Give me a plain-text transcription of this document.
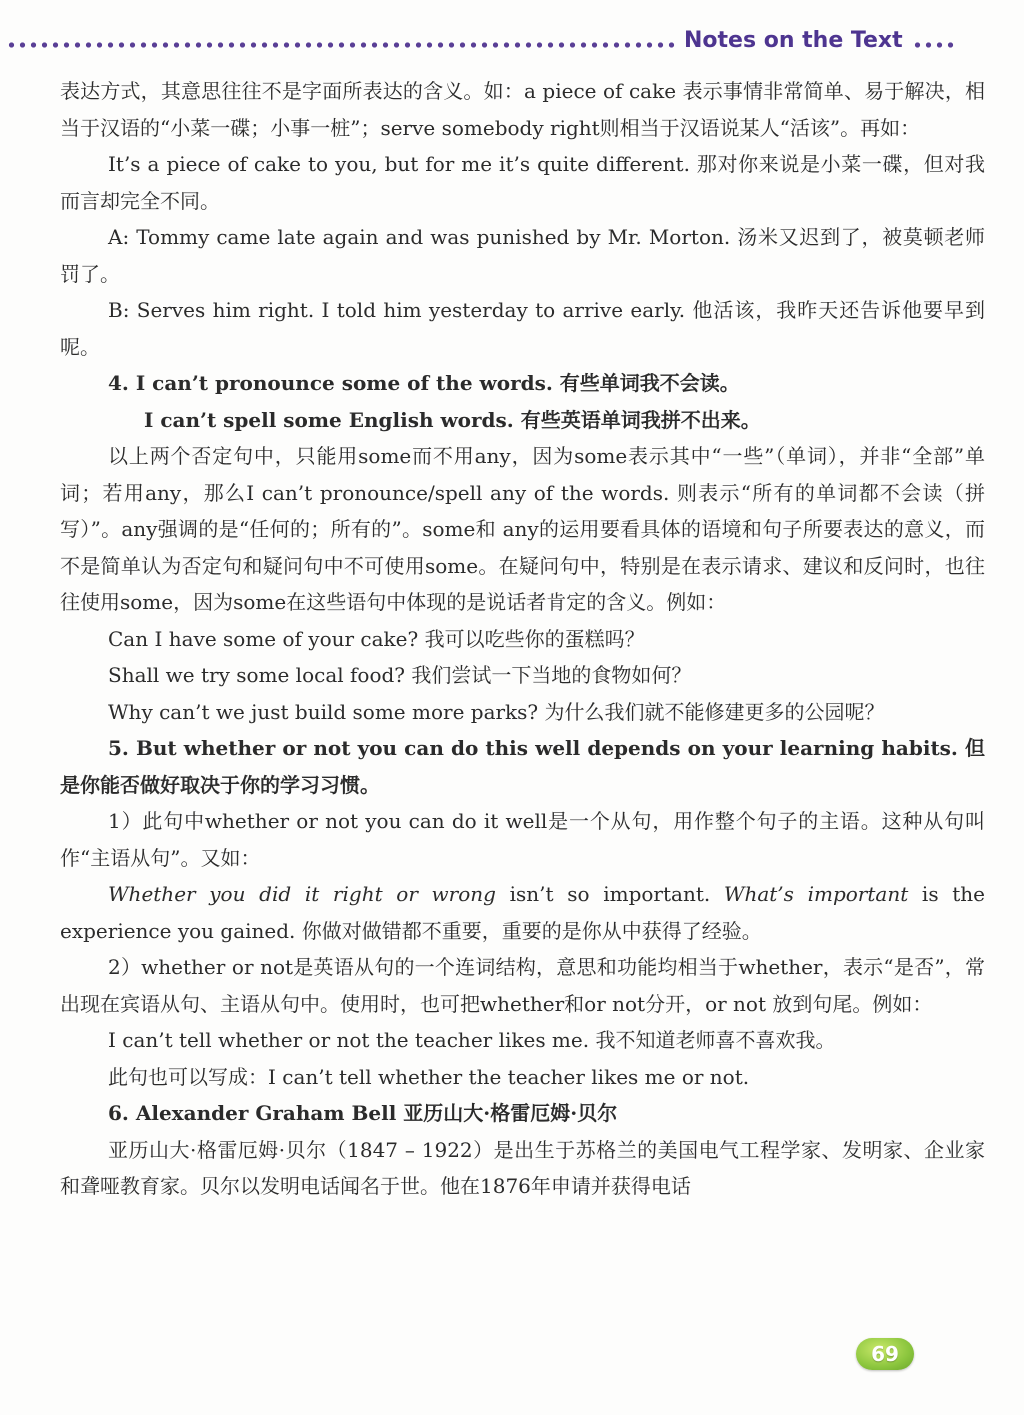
Notes on the Text

表达方式，其意思往往不是字面所表达的含义。如：a piece of cake 表示事情非常简单、易于解决，相当于汉语的“小菜一碟；小事一桩”；serve somebody right则相当于汉语说某人“活该”。再如：

It’s a piece of cake to you, but for me it’s quite different. 那对你来说是小菜一碟，但对我而言却完全不同。

A: Tommy came late again and was punished by Mr. Morton. 汤米又迟到了，被莫顿老师罚了。

B: Serves him right. I told him yesterday to arrive early. 他活该，我昨天还告诉他要早到呢。

4. I can’t pronounce some of the words. 有些单词我不会读。

I can’t spell some English words. 有些英语单词我拼不出来。

以上两个否定句中，只能用some而不用any，因为some表示其中“一些”（单词），并非“全部”单词；若用any，那么I can’t pronounce/spell any of the words. 则表示“所有的单词都不会读（拼写）”。any强调的是“任何的；所有的”。some和 any的运用要看具体的语境和句子所要表达的意义，而不是简单认为否定句和疑问句中不可使用some。在疑问句中，特别是在表示请求、建议和反问时，也往往使用some，因为some在这些语句中体现的是说话者肯定的含义。例如：

Can I have some of your cake? 我可以吃些你的蛋糕吗？

Shall we try some local food? 我们尝试一下当地的食物如何？

Why can’t we just build some more parks? 为什么我们就不能修建更多的公园呢？

5. But whether or not you can do this well depends on your learning habits. 但是你能否做好取决于你的学习习惯。

1）此句中whether or not you can do it well是一个从句，用作整个句子的主语。这种从句叫作“主语从句”。又如：

Whether you did it right or wrong isn’t so important. What’s important is the experience you gained. 你做对做错都不重要，重要的是你从中获得了经验。

2）whether or not是英语从句的一个连词结构，意思和功能均相当于whether，表示“是否”，常出现在宾语从句、主语从句中。使用时，也可把whether和or not分开，or not 放到句尾。例如：

I can’t tell whether or not the teacher likes me. 我不知道老师喜不喜欢我。

此句也可以写成：I can’t tell whether the teacher likes me or not.

6. Alexander Graham Bell 亚历山大·格雷厄姆·贝尔

亚历山大·格雷厄姆·贝尔（1847 – 1922）是出生于苏格兰的美国电气工程学家、发明家、企业家和聋哑教育家。贝尔以发明电话闻名于世。他在1876年申请并获得电话

69
